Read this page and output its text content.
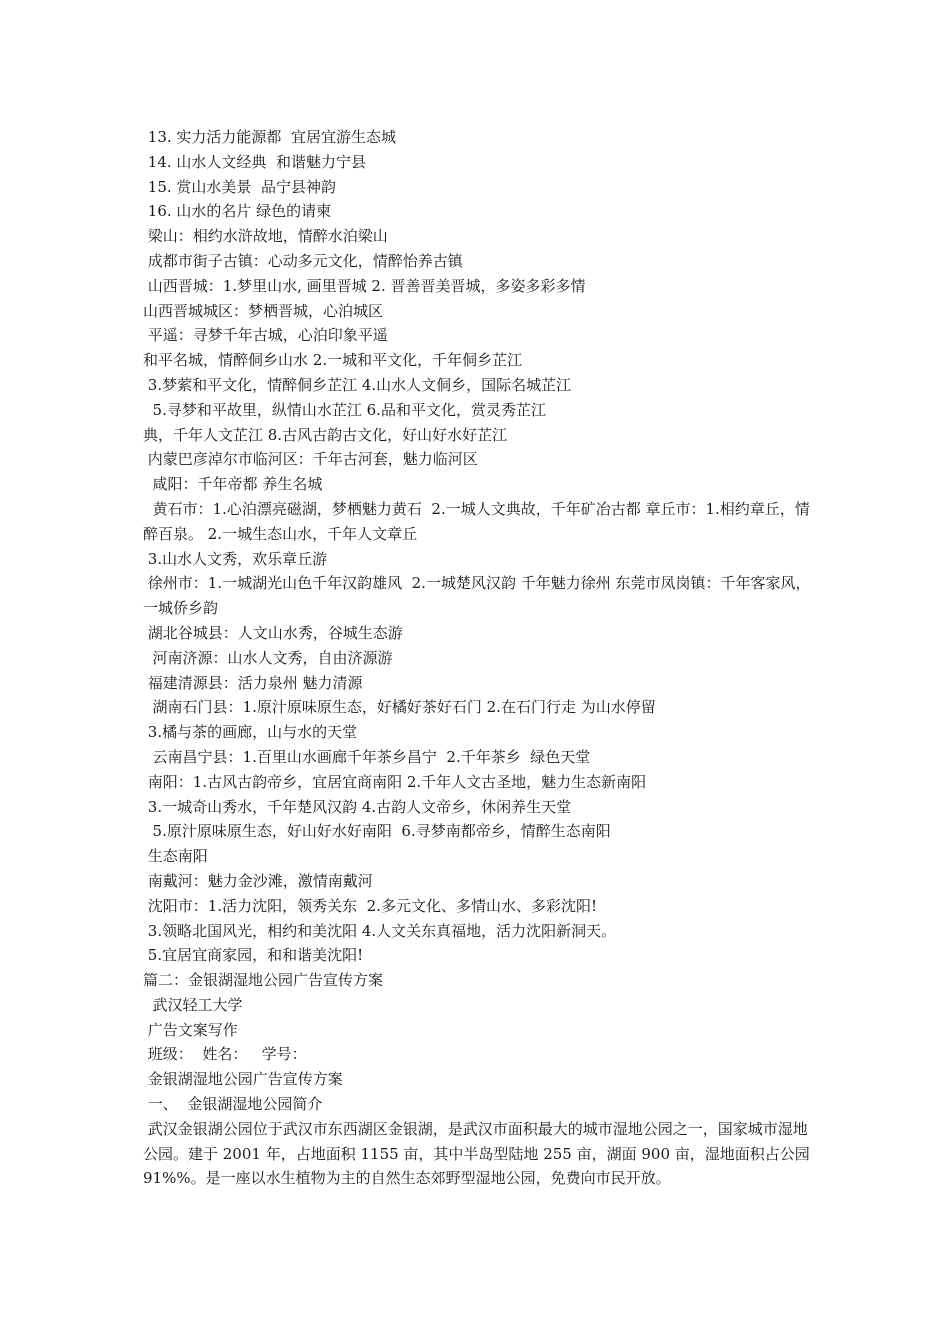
13. 实力活力能源都  宜居宜游生态城

14. 山水人文经典  和谐魅力宁县

15. 赏山水美景  品宁县神韵

16. 山水的名片 绿色的请柬

梁山：相约水浒故地，情醉水泊梁山

成都市街子古镇：心动多元文化，情醉怡养古镇

山西晋城：1.梦里山水, 画里晋城 2. 晋善晋美晋城，多姿多彩多情

山西晋城城区：梦栖晋城，心泊城区

平遥：寻梦千年古城，心泊印象平遥

和平名城，情醉侗乡山水 2.一城和平文化，千年侗乡芷江

3.梦萦和平文化，情醉侗乡芷江 4.山水人文侗乡，国际名城芷江

5.寻梦和平故里，纵情山水芷江 6.品和平文化，赏灵秀芷江

典，千年人文芷江 8.古风古韵古文化，好山好水好芷江

内蒙巴彦淖尔市临河区：千年古河套，魅力临河区

咸阳：千年帝都 养生名城

黄石市：1.心泊漂亮磁湖，梦栖魅力黄石  2.一城人文典故，千年矿冶古都 章丘市：1.相约章丘，情醉百泉。 2.一城生态山水，千年人文章丘

3.山水人文秀，欢乐章丘游

徐州市：1.一城湖光山色千年汉韵雄风  2.一城楚风汉韵 千年魅力徐州 东莞市凤岗镇：千年客家风，一城侨乡韵

湖北谷城县：人文山水秀，谷城生态游

河南济源：山水人文秀，自由济源游

福建清源县：活力泉州 魅力清源

湖南石门县：1.原汁原味原生态，好橘好茶好石门 2.在石门行走 为山水停留

3.橘与茶的画廊，山与水的天堂

云南昌宁县：1.百里山水画廊千年茶乡昌宁  2.千年茶乡  绿色天堂

南阳：1.古风古韵帝乡，宜居宜商南阳 2.千年人文古圣地，魅力生态新南阳

3.一城奇山秀水，千年楚风汉韵 4.古韵人文帝乡，休闲养生天堂

5.原汁原味原生态，好山好水好南阳  6.寻梦南都帝乡，情醉生态南阳

生态南阳

南戴河：魅力金沙滩，激情南戴河

沈阳市：1.活力沈阳，领秀关东  2.多元文化、多情山水、多彩沈阳!

3.领略北国风光，相约和美沈阳 4.人文关东真福地，活力沈阳新洞天。

5.宜居宜商家园，和和谐美沈阳!

篇二：金银湖湿地公园广告宣传方案

武汉轻工大学

广告文案写作

班级：  姓名：   学号：

金银湖湿地公园广告宣传方案

一、  金银湖湿地公园简介

武汉金银湖公园位于武汉市东西湖区金银湖，是武汉市面积最大的城市湿地公园之一，国家城市湿地公园。建于 2001 年，占地面积 1155 亩，其中半岛型陆地 255 亩，湖面 900 亩，湿地面积占公园 91%%。是一座以水生植物为主的自然生态郊野型湿地公园，免费向市民开放。
